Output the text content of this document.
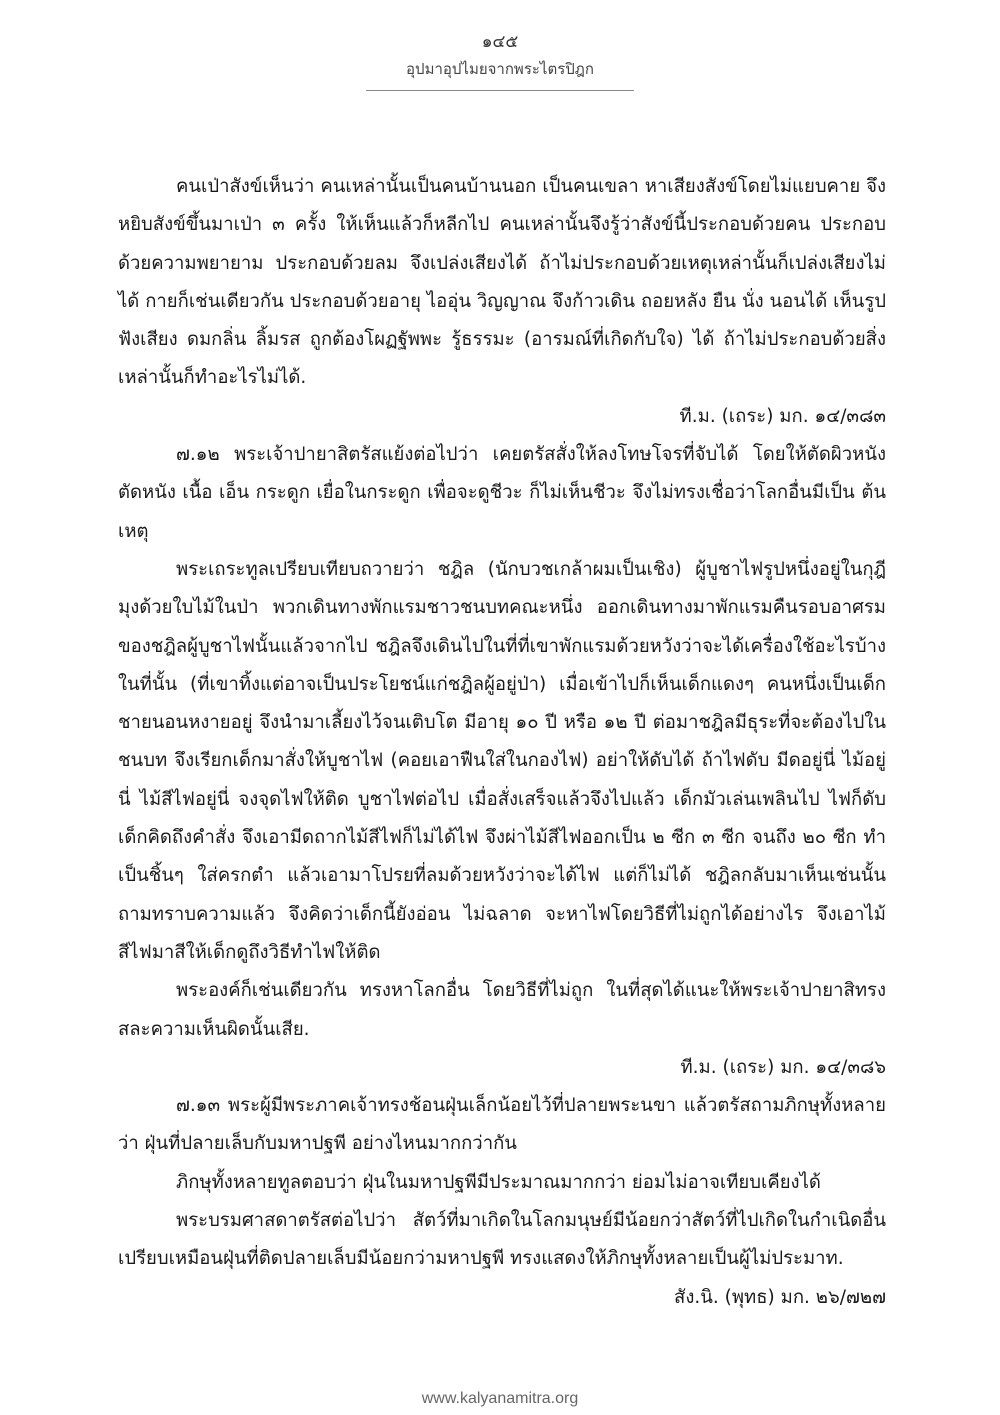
๑๔๕
อุปมาอุปไมยจากพระไตรปิฎก

คนเป่าสังข์เห็นว่า คนเหล่านั้นเป็นคนบ้านนอก เป็นคนเขลา หาเสียงสังข์โดยไม่แยบคาย จึงหยิบสังข์ขึ้นมาเป่า ๓ ครั้ง ให้เห็นแล้วก็หลีกไป คนเหล่านั้นจึงรู้ว่าสังข์นี้ประกอบด้วยคน ประกอบด้วยความพยายาม ประกอบด้วยลม จึงเปล่งเสียงได้ ถ้าไม่ประกอบด้วยเหตุเหล่านั้นก็เปล่งเสียงไม่ได้ กายก็เช่นเดียวกัน ประกอบด้วยอายุ ไออุ่น วิญญาณ จึงก้าวเดิน ถอยหลัง ยืน นั่ง นอนได้ เห็นรูป ฟังเสียง ดมกลิ่น ลิ้มรส ถูกต้องโผฏฐัพพะ รู้ธรรมะ (อารมณ์ที่เกิดกับใจ) ได้ ถ้าไม่ประกอบด้วยสิ่งเหล่านั้นก็ทำอะไรไม่ได้.

ที.ม. (เถระ) มก. ๑๔/๓๘๓

๗.๑๒ พระเจ้าปายาสิตรัสแย้งต่อไปว่า เคยตรัสสั่งให้ลงโทษโจรที่จับได้ โดยให้ตัดผิวหนัง ตัดหนัง เนื้อ เอ็น กระดูก เยื่อในกระดูก เพื่อจะดูชีวะ ก็ไม่เห็นชีวะ จึงไม่ทรงเชื่อว่าโลกอื่นมีเป็น ต้นเหตุ

พระเถระทูลเปรียบเทียบถวายว่า ชฎิล (นักบวชเกล้าผมเป็นเชิง) ผู้บูชาไฟรูปหนึ่งอยู่ในกุฎี มุงด้วยใบไม้ในป่า พวกเดินทางพักแรมชาวชนบทคณะหนึ่ง ออกเดินทางมาพักแรมคืนรอบอาศรมของชฎิลผู้บูชาไฟนั้นแล้วจากไป ชฎิลจึงเดินไปในที่ที่เขาพักแรมด้วยหวังว่าจะได้เครื่องใช้อะไรบ้างในที่นั้น (ที่เขาทิ้งแต่อาจเป็นประโยชน์แก่ชฎิลผู้อยู่ป่า) เมื่อเข้าไปก็เห็นเด็กแดงๆ คนหนึ่งเป็นเด็กชายนอนหงายอยู่ จึงนำมาเลี้ยงไว้จนเติบโต มีอายุ ๑๐ ปี หรือ ๑๒ ปี ต่อมาชฎิลมีธุระที่จะต้องไปในชนบท จึงเรียกเด็กมาสั่งให้บูชาไฟ (คอยเอาฟืนใส่ในกองไฟ) อย่าให้ดับได้ ถ้าไฟดับ มีดอยู่นี่ ไม้อยู่นี่ ไม้สีไฟอยู่นี่ จงจุดไฟให้ติด บูชาไฟต่อไป เมื่อสั่งเสร็จแล้วจึงไปแล้ว เด็กมัวเล่นเพลินไป ไฟก็ดับ เด็กคิดถึงคำสั่ง จึงเอามีดถากไม้สีไฟก็ไม่ได้ไฟ จึงผ่าไม้สีไฟออกเป็น ๒ ซีก ๓ ซีก จนถึง ๒๐ ซีก ทำเป็นชิ้นๆ ใส่ครกตำ แล้วเอามาโปรยที่ลมด้วยหวังว่าจะได้ไฟ แต่ก็ไม่ได้ ชฎิลกลับมาเห็นเช่นนั้น ถามทราบความแล้ว จึงคิดว่าเด็กนี้ยังอ่อน ไม่ฉลาด จะหาไฟโดยวิธีที่ไม่ถูกได้อย่างไร จึงเอาไม้สีไฟมาสีให้เด็กดูถึงวิธีทำไฟให้ติด

พระองค์ก็เช่นเดียวกัน ทรงหาโลกอื่น โดยวิธีที่ไม่ถูก ในที่สุดได้แนะให้พระเจ้าปายาสิทรงสละความเห็นผิดนั้นเสีย.

ที.ม. (เถระ) มก. ๑๔/๓๘๖

๗.๑๓ พระผู้มีพระภาคเจ้าทรงช้อนฝุ่นเล็กน้อยไว้ที่ปลายพระนขา แล้วตรัสถามภิกษุทั้งหลายว่า ฝุ่นที่ปลายเล็บกับมหาปฐพี อย่างไหนมากกว่ากัน

ภิกษุทั้งหลายทูลตอบว่า ฝุ่นในมหาปฐพีมีประมาณมากกว่า ย่อมไม่อาจเทียบเคียงได้

พระบรมศาสดาตรัสต่อไปว่า สัตว์ที่มาเกิดในโลกมนุษย์มีน้อยกว่าสัตว์ที่ไปเกิดในกำเนิดอื่น เปรียบเหมือนฝุ่นที่ติดปลายเล็บมีน้อยกว่ามหาปฐพี ทรงแสดงให้ภิกษุทั้งหลายเป็นผู้ไม่ประมาท.

สัง.นิ. (พุทธ) มก. ๒๖/๗๒๗

www.kalyanamitra.org
